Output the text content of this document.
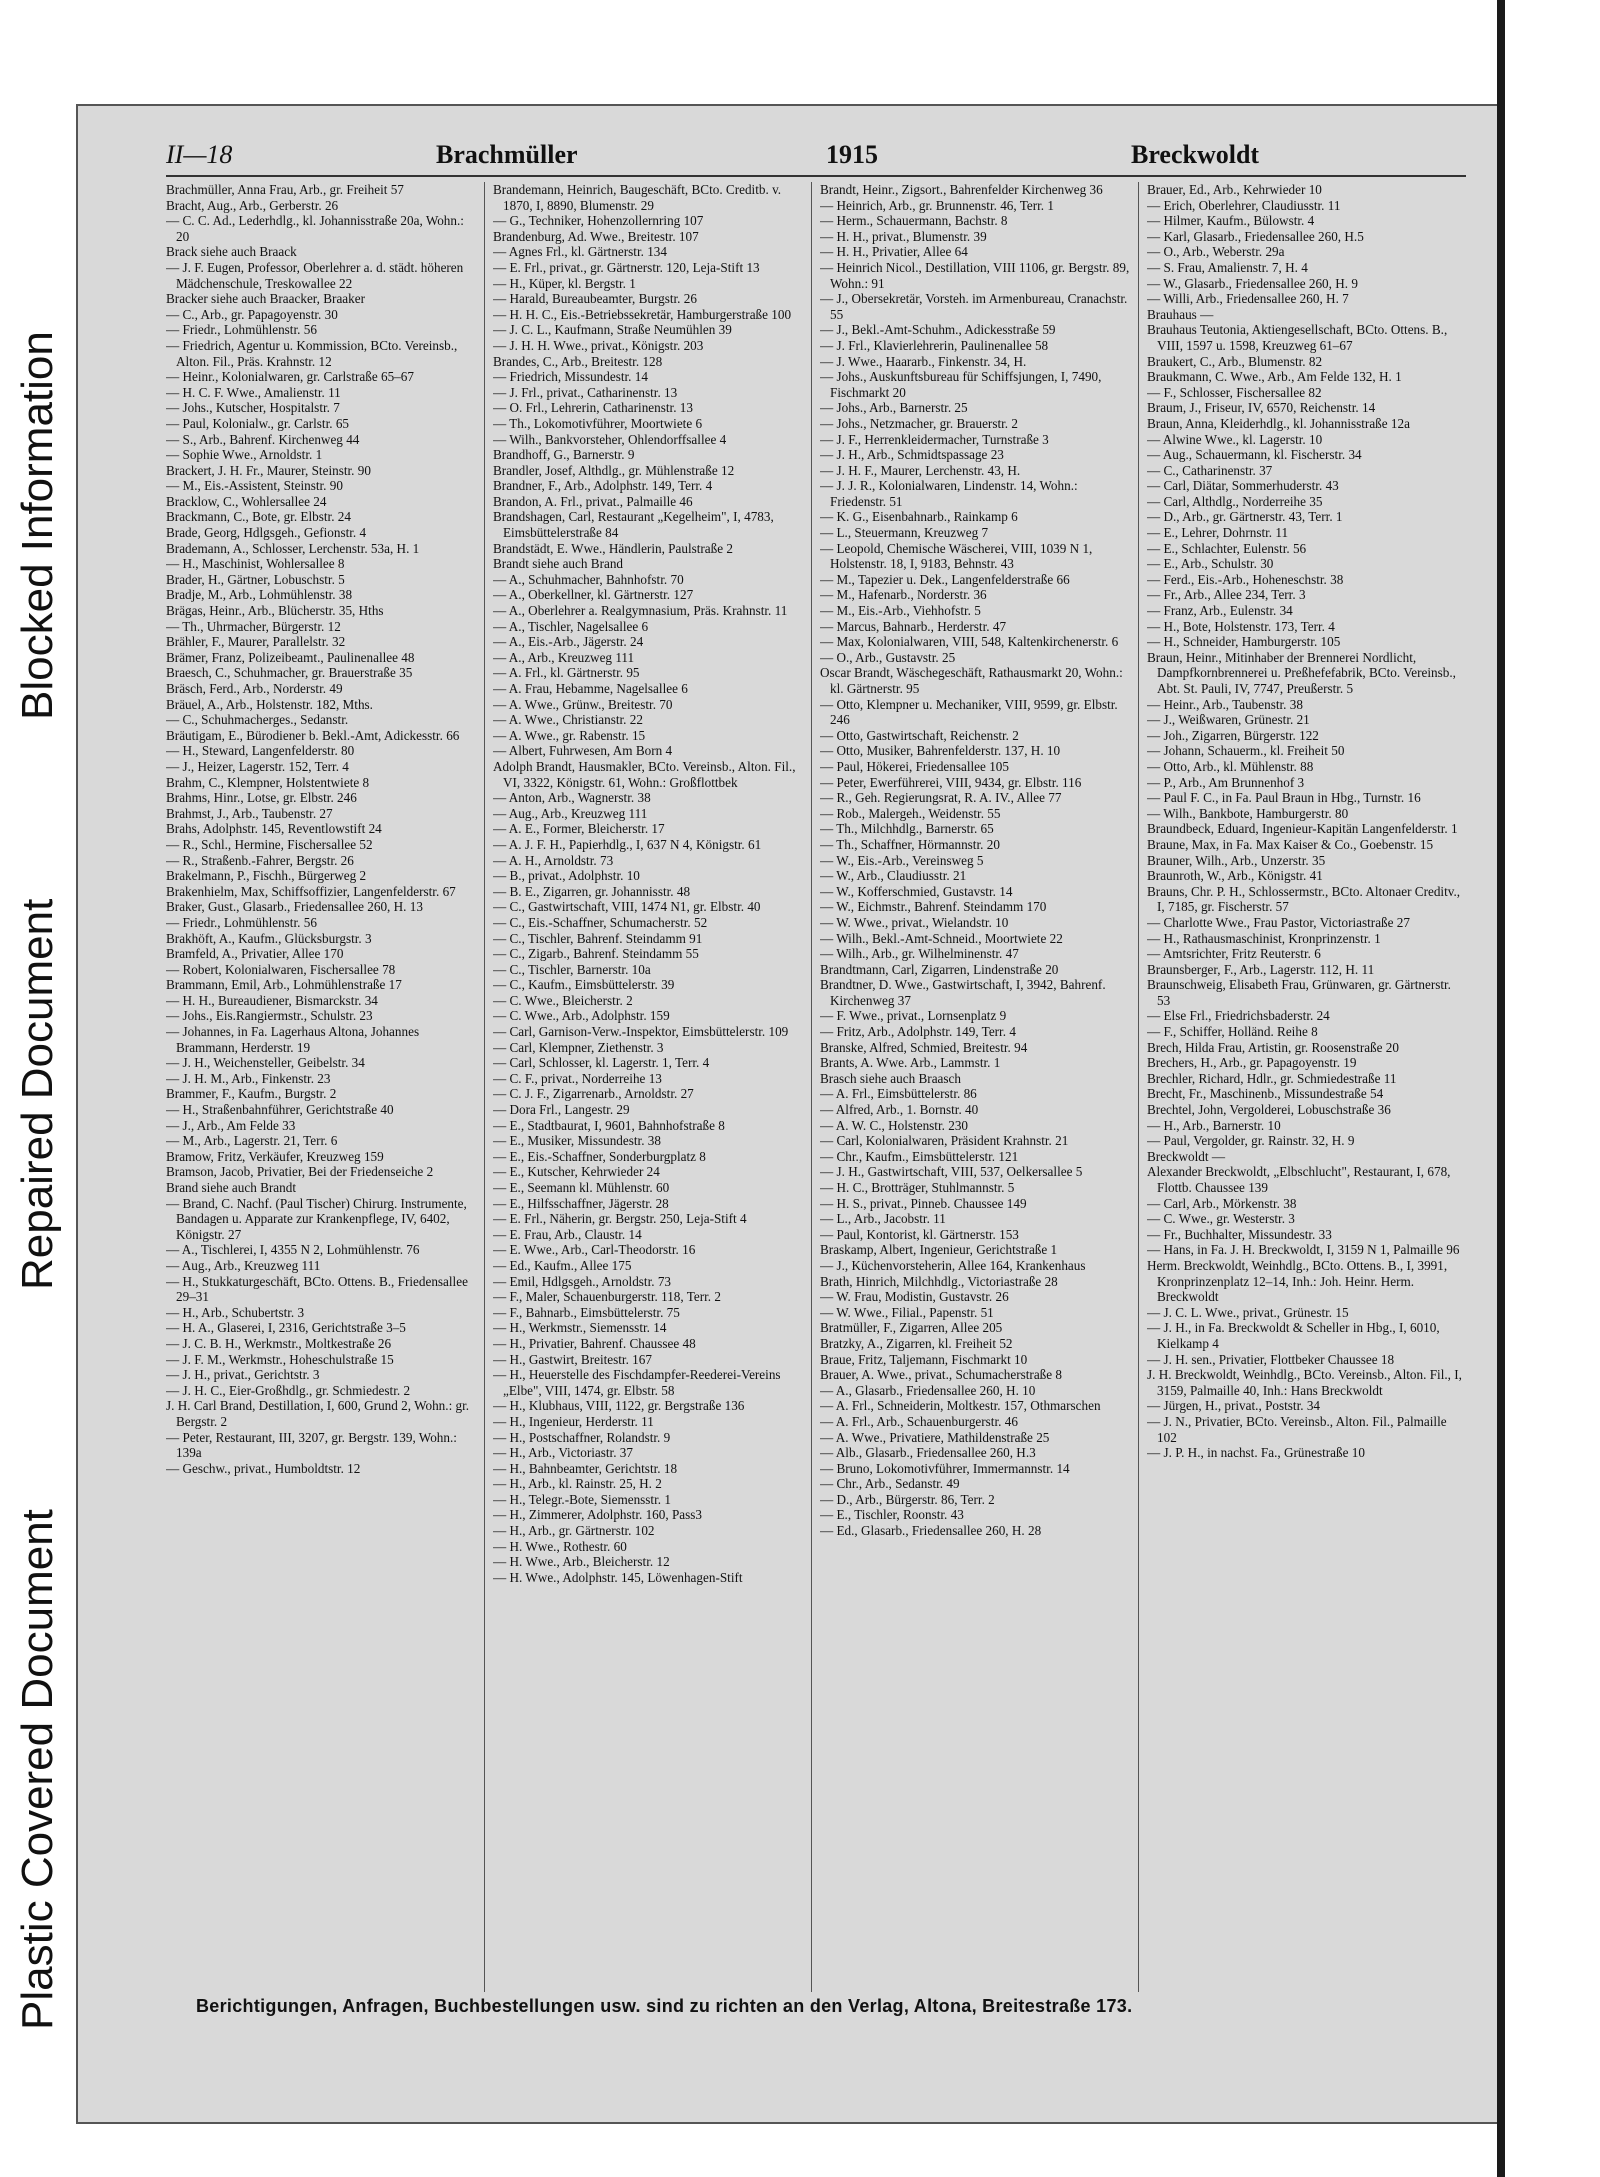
Plastic Covered Document
Repaired Document
Blocked Information
II—18	Brachmüller	1915	Breckwoldt

Brachmüller, Anna Frau, Arb., gr. Freiheit 57

Bracht, Aug., Arb., Gerberstr. 26

— C. C. Ad., Lederhdlg., kl. Johannisstraße 20a, Wohn.: 20

Brack siehe auch Braack

— J. F. Eugen, Professor, Oberlehrer a. d. städt. höheren Mädchenschule, Treskowallee 22

Bracker siehe auch Braacker, Braaker

— C., Arb., gr. Papagoyenstr. 30

— Friedr., Lohmühlenstr. 56

— Friedrich, Agentur u. Kommission, BCto. Vereinsb., Alton. Fil., Präs. Krahnstr. 12

— Heinr., Kolonialwaren, gr. Carlstraße 65–67

— H. C. F. Wwe., Amalienstr. 11

— Johs., Kutscher, Hospitalstr. 7

— Paul, Kolonialw., gr. Carlstr. 65

— S., Arb., Bahrenf. Kirchenweg 44

— Sophie Wwe., Arnoldstr. 1

Brackert, J. H. Fr., Maurer, Steinstr. 90

— M., Eis.-Assistent, Steinstr. 90

Bracklow, C., Wohlersallee 24

Brackmann, C., Bote, gr. Elbstr. 24

Brade, Georg, Hdlgsgeh., Gefionstr. 4

Brademann, A., Schlosser, Lerchenstr. 53a, H. 1

— H., Maschinist, Wohlersallee 8

Brader, H., Gärtner, Lobuschstr. 5

Bradje, M., Arb., Lohmühlenstr. 38

Brägas, Heinr., Arb., Blücherstr. 35, Hths

— Th., Uhrmacher, Bürgerstr. 12

Brähler, F., Maurer, Parallelstr. 32

Brämer, Franz, Polizeibeamt., Paulinenallee 48

Braesch, C., Schuhmacher, gr. Brauerstraße 35

Bräsch, Ferd., Arb., Norderstr. 49

Bräuel, A., Arb., Holstenstr. 182, Mths.

— C., Schuhmacherges., Sedanstr.

Bräutigam, E., Bürodiener b. Bekl.-Amt, Adickesstr. 66

— H., Steward, Langenfelderstr. 80

— J., Heizer, Lagerstr. 152, Terr. 4

Brahm, C., Klempner, Holstentwiete 8

Brahms, Hinr., Lotse, gr. Elbstr. 246

Brahmst, J., Arb., Taubenstr. 27

Brahs, Adolphstr. 145, Reventlowstift 24

— R., Schl., Hermine, Fischersallee 52

— R., Straßenb.-Fahrer, Bergstr. 26

Brakelmann, P., Fischh., Bürgerweg 2

Brakenhielm, Max, Schiffsoffizier, Langenfelderstr. 67

Braker, Gust., Glasarb., Friedensallee 260, H. 13

— Friedr., Lohmühlenstr. 56

Brakhöft, A., Kaufm., Glücksburgstr. 3

Bramfeld, A., Privatier, Allee 170

— Robert, Kolonialwaren, Fischersallee 78

Brammann, Emil, Arb., Lohmühlenstraße 17

— H. H., Bureaudiener, Bismarckstr. 34

— Johs., Eis.Rangiermstr., Schulstr. 23

— Johannes, in Fa. Lagerhaus Altona, Johannes Brammann, Herderstr. 19

— J. H., Weichensteller, Geibelstr. 34

— J. H. M., Arb., Finkenstr. 23

Brammer, F., Kaufm., Burgstr. 2

— H., Straßenbahnführer, Gerichtstraße 40

— J., Arb., Am Felde 33

— M., Arb., Lagerstr. 21, Terr. 6

Bramow, Fritz, Verkäufer, Kreuzweg 159

Bramson, Jacob, Privatier, Bei der Friedenseiche 2

Brand siehe auch Brandt

— Brand, C. Nachf. (Paul Tischer) Chirurg. Instrumente, Bandagen u. Apparate zur Krankenpflege, IV, 6402, Königstr. 27

— A., Tischlerei, I, 4355 N 2, Lohmühlenstr. 76

— Aug., Arb., Kreuzweg 111

— H., Stukkaturgeschäft, BCto. Ottens. B., Friedensallee 29–31

— H., Arb., Schubertstr. 3

— H. A., Glaserei, I, 2316, Gerichtstraße 3–5

— J. C. B. H., Werkmstr., Moltkestraße 26

— J. F. M., Werkmstr., Hoheschulstraße 15

— J. H., privat., Gerichtstr. 3

— J. H. C., Eier-Großhdlg., gr. Schmiedestr. 2

J. H. Carl Brand, Destillation, I, 600, Grund 2, Wohn.: gr. Bergstr. 2

— Peter, Restaurant, III, 3207, gr. Bergstr. 139, Wohn.: 139a

— Geschw., privat., Humboldtstr. 12

Brandemann, Heinrich, Baugeschäft, BCto. Creditb. v. 1870, I, 8890, Blumenstr. 29

— G., Techniker, Hohenzollernring 107

Brandenburg, Ad. Wwe., Breitestr. 107

— Agnes Frl., kl. Gärtnerstr. 134

— E. Frl., privat., gr. Gärtnerstr. 120, Leja-Stift 13

— H., Küper, kl. Bergstr. 1

— Harald, Bureaubeamter, Burgstr. 26

— H. H. C., Eis.-Betriebssekretär, Hamburgerstraße 100

— J. C. L., Kaufmann, Straße Neumühlen 39

— J. H. H. Wwe., privat., Königstr. 203

Brandes, C., Arb., Breitestr. 128

— Friedrich, Missundestr. 14

— J. Frl., privat., Catharinenstr. 13

— O. Frl., Lehrerin, Catharinenstr. 13

— Th., Lokomotivführer, Moortwiete 6

— Wilh., Bankvorsteher, Ohlendorffsallee 4

Brandhoff, G., Barnerstr. 9

Brandler, Josef, Althdlg., gr. Mühlenstraße 12

Brandner, F., Arb., Adolphstr. 149, Terr. 4

Brandon, A. Frl., privat., Palmaille 46

Brandshagen, Carl, Restaurant „Kegelheim", I, 4783, Eimsbüttelerstraße 84

Brandstädt, E. Wwe., Händlerin, Paulstraße 2

Brandt siehe auch Brand

— A., Schuhmacher, Bahnhofstr. 70

— A., Oberkellner, kl. Gärtnerstr. 127

— A., Oberlehrer a. Realgymnasium, Präs. Krahnstr. 11

— A., Tischler, Nagelsallee 6

— A., Eis.-Arb., Jägerstr. 24

— A., Arb., Kreuzweg 111

— A. Frl., kl. Gärtnerstr. 95

— A. Frau, Hebamme, Nagelsallee 6

— A. Wwe., Grünw., Breitestr. 70

— A. Wwe., Christianstr. 22

— A. Wwe., gr. Rabenstr. 15

— Albert, Fuhrwesen, Am Born 4

Adolph Brandt, Hausmakler, BCto. Vereinsb., Alton. Fil., VI, 3322, Königstr. 61, Wohn.: Großflottbek

— Anton, Arb., Wagnerstr. 38

— Aug., Arb., Kreuzweg 111

— A. E., Former, Bleicherstr. 17

— A. J. F. H., Papierhdlg., I, 637 N 4, Königstr. 61

— A. H., Arnoldstr. 73

— B., privat., Adolphstr. 10

— B. E., Zigarren, gr. Johannisstr. 48

— C., Gastwirtschaft, VIII, 1474 N1, gr. Elbstr. 40

— C., Eis.-Schaffner, Schumacherstr. 52

— C., Tischler, Bahrenf. Steindamm 91

— C., Zigarb., Bahrenf. Steindamm 55

— C., Tischler, Barnerstr. 10a

— C., Kaufm., Eimsbüttelerstr. 39

— C. Wwe., Bleicherstr. 2

— C. Wwe., Arb., Adolphstr. 159

— Carl, Garnison-Verw.-Inspektor, Eimsbüttelerstr. 109

— Carl, Klempner, Ziethenstr. 3

— Carl, Schlosser, kl. Lagerstr. 1, Terr. 4

— C. F., privat., Norderreihe 13

— C. J. F., Zigarrenarb., Arnoldstr. 27

— Dora Frl., Langestr. 29

— E., Stadtbaurat, I, 9601, Bahnhofstraße 8

— E., Musiker, Missundestr. 38

— E., Eis.-Schaffner, Sonderburgplatz 8

— E., Kutscher, Kehrwieder 24

— E., Seemann kl. Mühlenstr. 60

— E., Hilfsschaffner, Jägerstr. 28

— E. Frl., Näherin, gr. Bergstr. 250, Leja-Stift 4

— E. Frau, Arb., Claustr. 14

— E. Wwe., Arb., Carl-Theodorstr. 16

— Ed., Kaufm., Allee 175

— Emil, Hdlgsgeh., Arnoldstr. 73

— F., Maler, Schauenburgerstr. 118, Terr. 2

— F., Bahnarb., Eimsbüttelerstr. 75

— H., Werkmstr., Siemensstr. 14

— H., Privatier, Bahrenf. Chaussee 48

— H., Gastwirt, Breitestr. 167

— H., Heuerstelle des Fischdampfer-Reederei-Vereins „Elbe", VIII, 1474, gr. Elbstr. 58

— H., Klubhaus, VIII, 1122, gr. Bergstraße 136

— H., Ingenieur, Herderstr. 11

— H., Postschaffner, Rolandstr. 9

— H., Arb., Victoriastr. 37

— H., Bahnbeamter, Gerichtstr. 18

— H., Arb., kl. Rainstr. 25, H. 2

— H., Telegr.-Bote, Siemensstr. 1

— H., Zimmerer, Adolphstr. 160, Pass3

— H., Arb., gr. Gärtnerstr. 102

— H. Wwe., Rothestr. 60

— H. Wwe., Arb., Bleicherstr. 12

— H. Wwe., Adolphstr. 145, Löwenhagen-Stift

Brandt, Heinr., Zigsort., Bahrenfelder Kirchenweg 36

— Heinrich, Arb., gr. Brunnenstr. 46, Terr. 1

— Herm., Schauermann, Bachstr. 8

— H. H., privat., Blumenstr. 39

— H. H., Privatier, Allee 64

— Heinrich Nicol., Destillation, VIII 1106, gr. Bergstr. 89, Wohn.: 91

— J., Obersekretär, Vorsteh. im Armenbureau, Cranachstr. 55

— J., Bekl.-Amt-Schuhm., Adickesstraße 59

— J. Frl., Klavierlehrerin, Paulinenallee 58

— J. Wwe., Haararb., Finkenstr. 34, H.

— Johs., Auskunftsbureau für Schiffsjungen, I, 7490, Fischmarkt 20

— Johs., Arb., Barnerstr. 25

— Johs., Netzmacher, gr. Brauerstr. 2

— J. F., Herrenkleidermacher, Turnstraße 3

— J. H., Arb., Schmidtspassage 23

— J. H. F., Maurer, Lerchenstr. 43, H.

— J. J. R., Kolonialwaren, Lindenstr. 14, Wohn.: Friedenstr. 51

— K. G., Eisenbahnarb., Rainkamp 6

— L., Steuermann, Kreuzweg 7

— Leopold, Chemische Wäscherei, VIII, 1039 N 1, Holstenstr. 18, I, 9183, Behnstr. 43

— M., Tapezier u. Dek., Langenfelderstraße 66

— M., Hafenarb., Norderstr. 36

— M., Eis.-Arb., Viehhofstr. 5

— Marcus, Bahnarb., Herderstr. 47

— Max, Kolonialwaren, VIII, 548, Kaltenkirchenerstr. 6

— O., Arb., Gustavstr. 25

Oscar Brandt, Wäschegeschäft, Rathausmarkt 20, Wohn.: kl. Gärtnerstr. 95

— Otto, Klempner u. Mechaniker, VIII, 9599, gr. Elbstr. 246

— Otto, Gastwirtschaft, Reichenstr. 2

— Otto, Musiker, Bahrenfelderstr. 137, H. 10

— Paul, Hökerei, Friedensallee 105

— Peter, Ewerführerei, VIII, 9434, gr. Elbstr. 116

— R., Geh. Regierungsrat, R. A. IV., Allee 77

— Rob., Malergeh., Weidenstr. 55

— Th., Milchhdlg., Barnerstr. 65

— Th., Schaffner, Hörmannstr. 20

— W., Eis.-Arb., Vereinsweg 5

— W., Arb., Claudiusstr. 21

— W., Kofferschmied, Gustavstr. 14

— W., Eichmstr., Bahrenf. Steindamm 170

— W. Wwe., privat., Wielandstr. 10

— Wilh., Bekl.-Amt-Schneid., Moortwiete 22

— Wilh., Arb., gr. Wilhelminenstr. 47

Brandtmann, Carl, Zigarren, Lindenstraße 20

Brandtner, D. Wwe., Gastwirtschaft, I, 3942, Bahrenf. Kirchenweg 37

— F. Wwe., privat., Lornsenplatz 9

— Fritz, Arb., Adolphstr. 149, Terr. 4

Branske, Alfred, Schmied, Breitestr. 94

Brants, A. Wwe. Arb., Lammstr. 1

Brasch siehe auch Braasch

— A. Frl., Eimsbüttelerstr. 86

— Alfred, Arb., 1. Bornstr. 40

— A. W. C., Holstenstr. 230

— Carl, Kolonialwaren, Präsident Krahnstr. 21

— Chr., Kaufm., Eimsbüttelerstr. 121

— J. H., Gastwirtschaft, VIII, 537, Oelkersallee 5

— H. C., Brotträger, Stuhlmannstr. 5

— H. S., privat., Pinneb. Chaussee 149

— L., Arb., Jacobstr. 11

— Paul, Kontorist, kl. Gärtnerstr. 153

Braskamp, Albert, Ingenieur, Gerichtstraße 1

— J., Küchenvorsteherin, Allee 164, Krankenhaus

Brath, Hinrich, Milchhdlg., Victoriastraße 28

— W. Frau, Modistin, Gustavstr. 26

— W. Wwe., Filial., Papenstr. 51

Bratmüller, F., Zigarren, Allee 205

Bratzky, A., Zigarren, kl. Freiheit 52

Braue, Fritz, Taljemann, Fischmarkt 10

Brauer, A. Wwe., privat., Schumacherstraße 8

— A., Glasarb., Friedensallee 260, H. 10

— A. Frl., Schneiderin, Moltkestr. 157, Othmarschen

— A. Frl., Arb., Schauenburgerstr. 46

— A. Wwe., Privatiere, Mathildenstraße 25

— Alb., Glasarb., Friedensallee 260, H.3

— Bruno, Lokomotivführer, Immermannstr. 14

— Chr., Arb., Sedanstr. 49

— D., Arb., Bürgerstr. 86, Terr. 2

— E., Tischler, Roonstr. 43

— Ed., Glasarb., Friedensallee 260, H. 28

Brauer, Ed., Arb., Kehrwieder 10

— Erich, Oberlehrer, Claudiusstr. 11

— Hilmer, Kaufm., Bülowstr. 4

— Karl, Glasarb., Friedensallee 260, H.5

— O., Arb., Weberstr. 29a

— S. Frau, Amalienstr. 7, H. 4

— W., Glasarb., Friedensallee 260, H. 9

— Willi, Arb., Friedensallee 260, H. 7

Brauhaus —

Brauhaus Teutonia, Aktiengesellschaft, BCto. Ottens. B., VIII, 1597 u. 1598, Kreuzweg 61–67

Braukert, C., Arb., Blumenstr. 82

Braukmann, C. Wwe., Arb., Am Felde 132, H. 1

— F., Schlosser, Fischersallee 82

Braum, J., Friseur, IV, 6570, Reichenstr. 14

Braun, Anna, Kleiderhdlg., kl. Johannisstraße 12a

— Alwine Wwe., kl. Lagerstr. 10

— Aug., Schauermann, kl. Fischerstr. 34

— C., Catharinenstr. 37

— Carl, Diätar, Sommerhuderstr. 43

— Carl, Althdlg., Norderreihe 35

— D., Arb., gr. Gärtnerstr. 43, Terr. 1

— E., Lehrer, Dohrnstr. 11

— E., Schlachter, Eulenstr. 56

— E., Arb., Schulstr. 30

— Ferd., Eis.-Arb., Hoheneschstr. 38

— Fr., Arb., Allee 234, Terr. 3

— Franz, Arb., Eulenstr. 34

— H., Bote, Holstenstr. 173, Terr. 4

— H., Schneider, Hamburgerstr. 105

Braun, Heinr., Mitinhaber der Brennerei Nordlicht, Dampfkornbrennerei u. Preßhefefabrik, BCto. Vereinsb., Abt. St. Pauli, IV, 7747, Preußerstr. 5

— Heinr., Arb., Taubenstr. 38

— J., Weißwaren, Grünestr. 21

— Joh., Zigarren, Bürgerstr. 122

— Johann, Schauerm., kl. Freiheit 50

— Otto, Arb., kl. Mühlenstr. 88

— P., Arb., Am Brunnenhof 3

— Paul F. C., in Fa. Paul Braun in Hbg., Turnstr. 16

— Wilh., Bankbote, Hamburgerstr. 80

Braundbeck, Eduard, Ingenieur-Kapitän Langenfelderstr. 1

Braune, Max, in Fa. Max Kaiser & Co., Goebenstr. 15

Brauner, Wilh., Arb., Unzerstr. 35

Braunroth, W., Arb., Königstr. 41

Brauns, Chr. P. H., Schlossermstr., BCto. Altonaer Creditv., I, 7185, gr. Fischerstr. 57

— Charlotte Wwe., Frau Pastor, Victoriastraße 27

— H., Rathausmaschinist, Kronprinzenstr. 1

— Amtsrichter, Fritz Reuterstr. 6

Braunsberger, F., Arb., Lagerstr. 112, H. 11

Braunschweig, Elisabeth Frau, Grünwaren, gr. Gärtnerstr. 53

— Else Frl., Friedrichsbaderstr. 24

— F., Schiffer, Holländ. Reihe 8

Brech, Hilda Frau, Artistin, gr. Roosenstraße 20

Brechers, H., Arb., gr. Papagoyenstr. 19

Brechler, Richard, Hdlr., gr. Schmiedestraße 11

Brecht, Fr., Maschinenb., Missundestraße 54

Brechtel, John, Vergolderei, Lobuschstraße 36

— H., Arb., Barnerstr. 10

— Paul, Vergolder, gr. Rainstr. 32, H. 9

Breckwoldt —

Alexander Breckwoldt, „Elbschlucht", Restaurant, I, 678, Flottb. Chaussee 139

— Carl, Arb., Mörkenstr. 38

— C. Wwe., gr. Westerstr. 3

— Fr., Buchhalter, Missundestr. 33

— Hans, in Fa. J. H. Breckwoldt, I, 3159 N 1, Palmaille 96

Herm. Breckwoldt, Weinhdlg., BCto. Ottens. B., I, 3991, Kronprinzenplatz 12–14, Inh.: Joh. Heinr. Herm. Breckwoldt

— J. C. L. Wwe., privat., Grünestr. 15

— J. H., in Fa. Breckwoldt & Scheller in Hbg., I, 6010, Kielkamp 4

— J. H. sen., Privatier, Flottbeker Chaussee 18

J. H. Breckwoldt, Weinhdlg., BCto. Vereinsb., Alton. Fil., I, 3159, Palmaille 40, Inh.: Hans Breckwoldt

— Jürgen, H., privat., Poststr. 34

— J. N., Privatier, BCto. Vereinsb., Alton. Fil., Palmaille 102

— J. P. H., in nachst. Fa., Grünestraße 10

Berichtigungen, Anfragen, Buchbestellungen usw. sind zu richten an den Verlag, Altona, Breitestraße 173.
